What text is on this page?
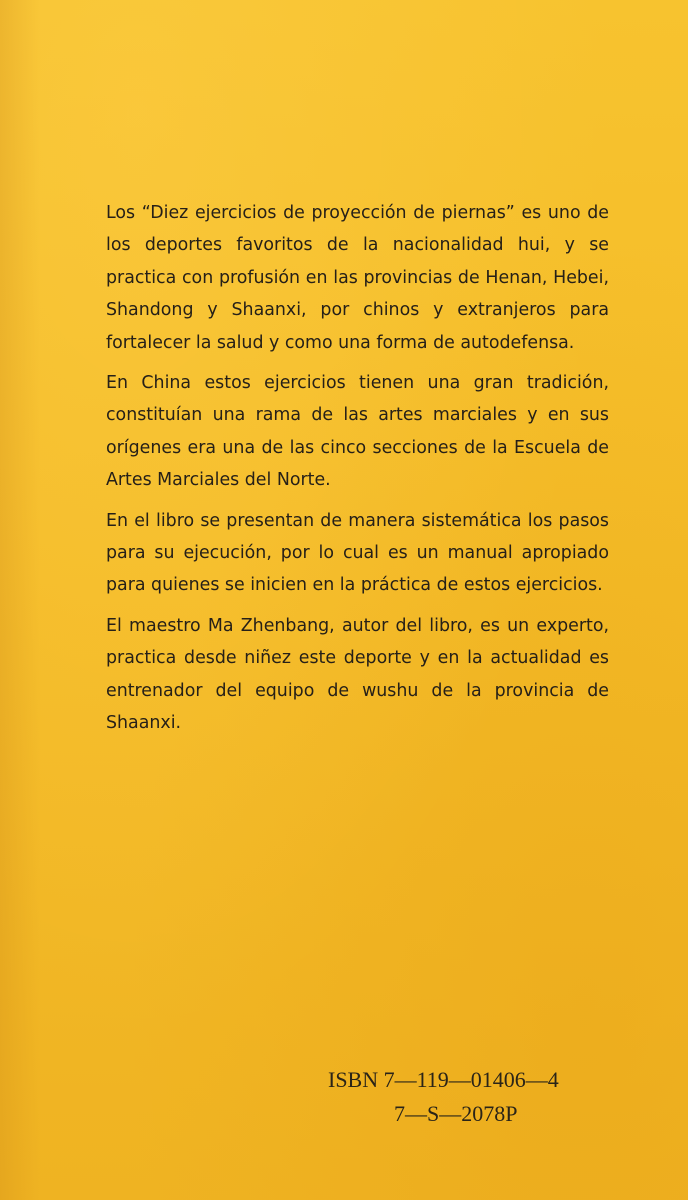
Los “Diez ejercicios de proyección de piernas” es uno de los deportes favoritos de la nacionalidad hui, y se practica con profusión en las provincias de Henan, Hebei, Shandong y Shaanxi, por chinos y extranjeros para fortalecer la salud y como una forma de autodefensa.

En China estos ejercicios tienen una gran tradición, constituían una rama de las artes marciales y en sus orígenes era una de las cinco secciones de la Escuela de Artes Marciales del Norte.

En el libro se presentan de manera sistemática los pasos para su ejecución, por lo cual es un manual apropiado para quienes se inicien en la práctica de estos ejercicios.

El maestro Ma Zhenbang, autor del libro, es un experto, practica desde niñez este deporte y en la actualidad es entrenador del equipo de wushu de la provincia de Shaanxi.

ISBN 7—119—01406—4
7—S—2078P
